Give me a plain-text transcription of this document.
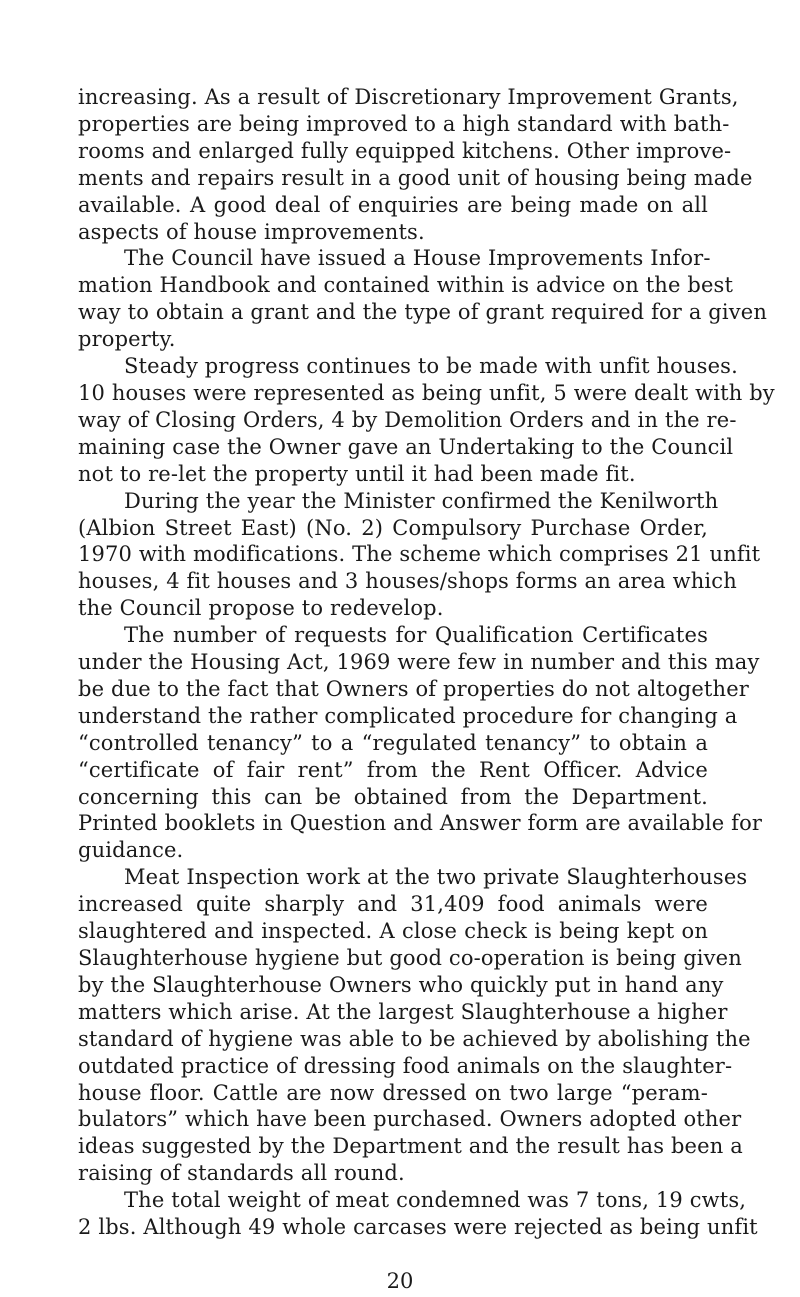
increasing. As a result of Discretionary Improvement Grants,
properties are being improved to a high standard with bath-
rooms and enlarged fully equipped kitchens. Other improve-
ments and repairs result in a good unit of housing being made
available. A good deal of enquiries are being made on all
aspects of house improvements.
The Council have issued a House Improvements Infor-
mation Handbook and contained within is advice on the best
way to obtain a grant and the type of grant required for a given
property.
Steady progress continues to be made with unfit houses.
10 houses were represented as being unfit, 5 were dealt with by
way of Closing Orders, 4 by Demolition Orders and in the re-
maining case the Owner gave an Undertaking to the Council
not to re-let the property until it had been made fit.
During the year the Minister confirmed the Kenilworth
(Albion Street East) (No. 2) Compulsory Purchase Order,
1970 with modifications. The scheme which comprises 21 unfit
houses, 4 fit houses and 3 houses/shops forms an area which
the Council propose to redevelop.
The number of requests for Qualification Certificates
under the Housing Act, 1969 were few in number and this may
be due to the fact that Owners of properties do not altogether
understand the rather complicated procedure for changing a
“controlled tenancy” to a “regulated tenancy” to obtain a
“certificate of fair rent” from the Rent Officer. Advice
concerning this can be obtained from the Department.
Printed booklets in Question and Answer form are available for
guidance.
Meat Inspection work at the two private Slaughterhouses
increased quite sharply and 31,409 food animals were
slaughtered and inspected. A close check is being kept on
Slaughterhouse hygiene but good co-operation is being given
by the Slaughterhouse Owners who quickly put in hand any
matters which arise. At the largest Slaughterhouse a higher
standard of hygiene was able to be achieved by abolishing the
outdated practice of dressing food animals on the slaughter-
house floor. Cattle are now dressed on two large “peram-
bulators” which have been purchased. Owners adopted other
ideas suggested by the Department and the result has been a
raising of standards all round.
The total weight of meat condemned was 7 tons, 19 cwts,
2 lbs. Although 49 whole carcases were rejected as being unfit
20
